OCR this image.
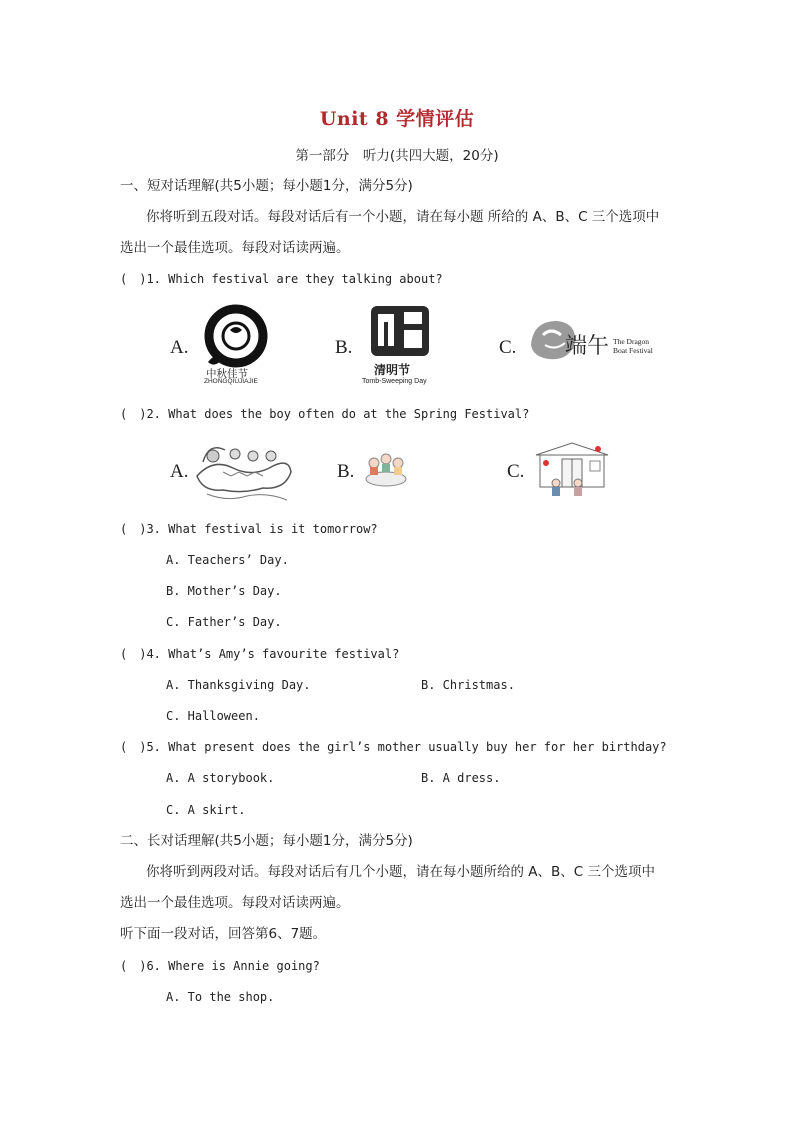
Unit 8 学情评估
第一部分　听力(共四大题，20分)
一、短对话理解(共5小题；每小题1分，满分5分)
你将听到五段对话。每段对话后有一个小题，请在每小题 所给的 A、B、C 三个选项中
选出一个最佳选项。每段对话读两遍。
(　)1. Which festival are they talking about?
A.	B.	C.
中秋佳节
ZHONGQIUJIAJIE
清明节
Tomb-Sweeping Day
端午 The Dragon
Boat Festival
(　)2. What does the boy often do at the Spring Festival?
A.	B.	C.
(　)3. What festival is it tomorrow?
A. Teachers’ Day.
B. Mother’s Day.
C. Father’s Day.
(　)4. What’s Amy’s favourite festival?
A. Thanksgiving Day.	B. Christmas.
C. Halloween.
(　)5. What present does the girl’s mother usually buy her for her birthday?
A. A storybook.	B. A dress.
C. A skirt.
二、长对话理解(共5小题；每小题1分，满分5分)
你将听到两段对话。每段对话后有几个小题，请在每小题所给的 A、B、C 三个选项中
选出一个最佳选项。每段对话读两遍。
听下面一段对话，回答第6、7题。
(　)6. Where is Annie going?
A. To the shop.
